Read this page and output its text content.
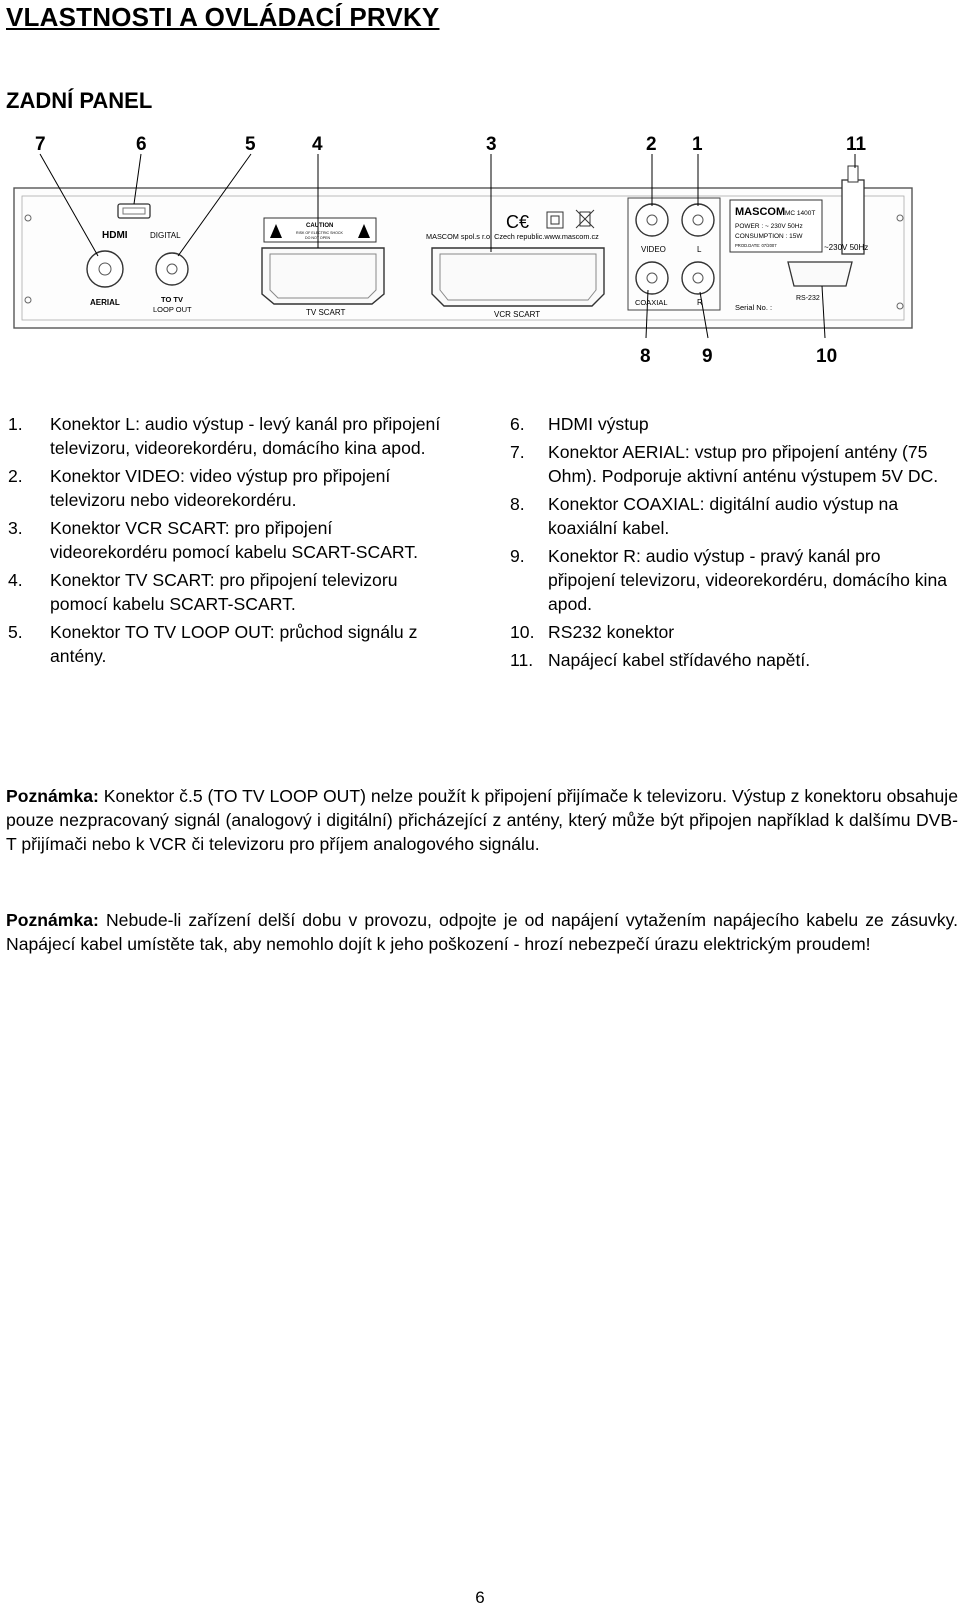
VLASTNOSTI A OVLÁDACÍ PRVKY
ZADNÍ PANEL
7	6	5	4	3	2 1	11
8	9	10
HDMI	DIGITAL
AERIAL	TO TV
LOOP OUT
CAUTION
RISK OF ELECTRIC SHOCK
DO NOT OPEN
TV SCART
MASCOM spol.s r.o. Czech republic.www.mascom.cz
C€
VCR SCART
VIDEO	L
COAXIAL	R
MASCOM MC 1400T
POWER : ~ 230V 50Hz
CONSUMPTION : 15W
PROD.DATE: 07/2007	~230V 50Hz
RS-232
Serial No. :
1. Konektor L: audio výstup - levý kanál pro připojení televizoru, videorekordéru, domácího kina apod.
2. Konektor VIDEO: video výstup pro připojení televizoru nebo videorekordéru.
3. Konektor VCR SCART: pro připojení videorekordéru pomocí kabelu SCART-SCART.
4. Konektor TV SCART: pro připojení televizoru pomocí kabelu SCART-SCART.
5. Konektor TO TV LOOP OUT: průchod signálu z antény.
6. HDMI výstup
7. Konektor AERIAL: vstup pro připojení antény (75 Ohm). Podporuje aktivní anténu výstupem 5V DC.
8. Konektor COAXIAL: digitální audio výstup na koaxiální kabel.
9. Konektor R: audio výstup - pravý kanál pro připojení televizoru, videorekordéru, domácího kina apod.
10. RS232 konektor
11. Napájecí kabel střídavého napětí.

Poznámka: Konektor č.5 (TO TV LOOP OUT) nelze použít k připojení přijímače k televizoru. Výstup z konektoru obsahuje pouze nezpracovaný signál (analogový i digitální) přicházející z antény, který může být připojen například k dalšímu DVB-T přijímači nebo k VCR či televizoru pro příjem analogového signálu.

Poznámka: Nebude-li zařízení delší dobu v provozu, odpojte je od napájení vytažením napájecího kabelu ze zásuvky. Napájecí kabel umístěte tak, aby nemohlo dojít k jeho poškození - hrozí nebezpečí úrazu elektrickým proudem!

6
